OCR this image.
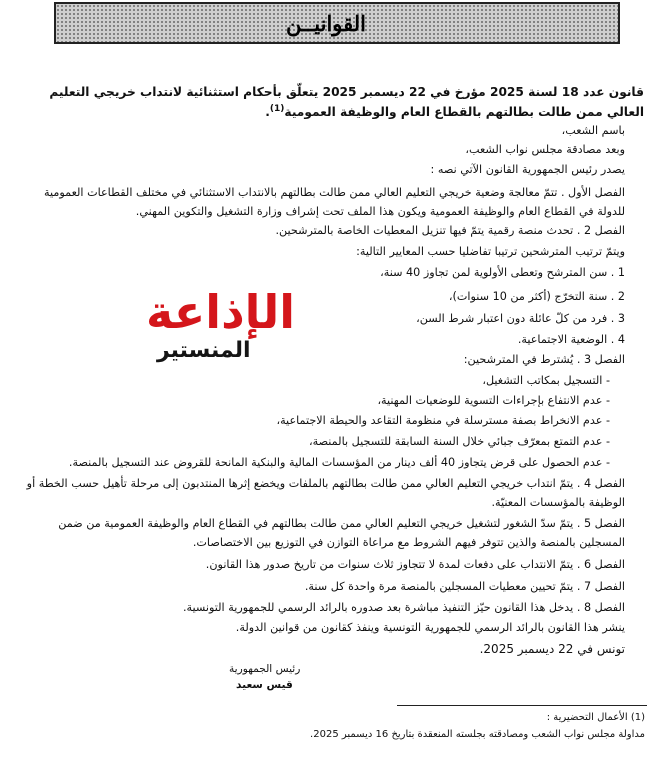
القوانيــن
قانون عدد 18 لسنة 2025 مؤرخ في 22 ديسمبر 2025 يتعلّق بأحكام استثنائية لانتداب خريجي التعليم العالي ممن طالت بطالتهم بالقطاع العام والوظيفة العمومية$^{(1)}$.
باسم الشعب،
وبعد مصادقة مجلس نواب الشعب،
يصدر رئيس الجمهورية القانون الآتي نصه :
الفصل الأول . تتمّ معالجة وضعية خريجي التعليم العالي ممن طالت بطالتهم بالانتداب الاستثنائي في مختلف القطاعات العمومية للدولة في القطاع العام والوظيفة العمومية ويكون هذا الملف تحت إشراف وزارة التشغيل والتكوين المهني.
الفصل 2 . تحدث منصة رقمية يتمّ فيها تنزيل المعطيات الخاصة بالمترشحين.
ويتمّ ترتيب المترشحين ترتيبا تفاضليا حسب المعايير التالية:
1 . سن المترشح وتعطى الأولوية لمن تجاوز 40 سنة،
2 . سنة التخرّج (أكثر من 10 سنوات)،
3 . فرد من كلّ عائلة دون اعتبار شرط السن،
4 . الوضعية الاجتماعية.
الفصل 3 . يُشترط في المترشحين:
- التسجيل بمكاتب التشغيل،
- عدم الانتفاع بإجراءات التسوية للوضعيات المهنية،
- عدم الانخراط بصفة مسترسلة في منظومة التقاعد والحيطة الاجتماعية،
- عدم التمتع بمعرّف جبائي خلال السنة السابقة للتسجيل بالمنصة،
- عدم الحصول على قرض يتجاوز 40 ألف دينار من المؤسسات المالية والبنكية المانحة للقروض عند التسجيل بالمنصة.
الفصل 4 . يتمّ انتداب خريجي التعليم العالي ممن طالت بطالتهم بالملفات ويخضع إثرها المنتدبون إلى مرحلة تأهيل حسب الخطة أو الوظيفة بالمؤسسات المعنيّة.
الفصل 5 . يتمّ سدّ الشغور لتشغيل خريجي التعليم العالي ممن طالت بطالتهم في القطاع العام والوظيفة العمومية من ضمن المسجلين بالمنصة والذين تتوفر فيهم الشروط مع مراعاة التوازن في التوزيع بين الاختصاصات.
الفصل 6 . يتمّ الانتداب على دفعات لمدة لا تتجاوز ثلاث سنوات من تاريخ صدور هذا القانون.
الفصل 7 . يتمّ تحيين معطيات المسجلين بالمنصة مرة واحدة كل سنة.
الفصل 8 . يدخل هذا القانون حيّز التنفيذ مباشرة بعد صدوره بالرائد الرسمي للجمهورية التونسية.
ينشر هذا القانون بالرائد الرسمي للجمهورية التونسية وينفذ كقانون من قوانين الدولة.
تونس في 22 ديسمبر 2025.
رئيس الجمهورية
قيس سعيد
(1) الأعمال التحضيرية :
مداولة مجلس نواب الشعب ومصادقته بجلسته المنعقدة بتاريخ 16 ديسمبر 2025.
الإذاعة
المنستير
